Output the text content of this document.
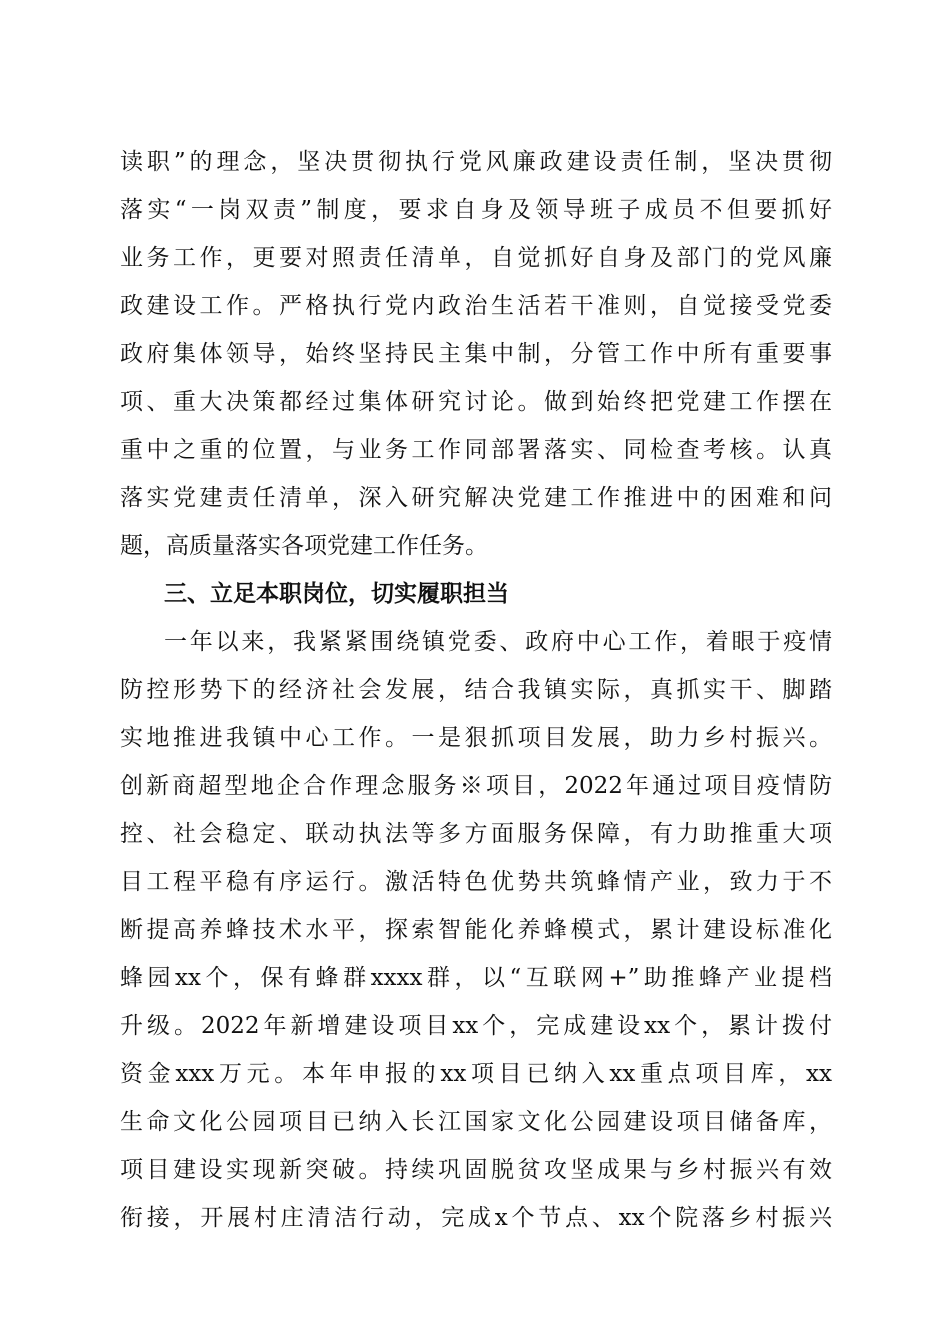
读职”的理念，坚决贯彻执行党风廉政建设责任制，坚决贯彻
落实“一岗双责”制度，要求自身及领导班子成员不但要抓好
业务工作，更要对照责任清单，自觉抓好自身及部门的党风廉
政建设工作。严格执行党内政治生活若干准则，自觉接受党委
政府集体领导，始终坚持民主集中制，分管工作中所有重要事
项、重大决策都经过集体研究讨论。做到始终把党建工作摆在
重中之重的位置，与业务工作同部署落实、同检查考核。认真
落实党建责任清单，深入研究解决党建工作推进中的困难和问
题，高质量落实各项党建工作任务。
三、立足本职岗位，切实履职担当
一年以来，我紧紧围绕镇党委、政府中心工作，着眼于疫情
防控形势下的经济社会发展，结合我镇实际，真抓实干、脚踏
实地推进我镇中心工作。一是狠抓项目发展，助力乡村振兴。
创新商超型地企合作理念服务※项目，2022年通过项目疫情防
控、社会稳定、联动执法等多方面服务保障，有力助推重大项
目工程平稳有序运行。激活特色优势共筑蜂情产业，致力于不
断提高养蜂技术水平，探索智能化养蜂模式，累计建设标准化
蜂园xx个，保有蜂群xxxx群，以“互联网+”助推蜂产业提档
升级。2022年新增建设项目xx个，完成建设xx个，累计拨付
资金xxx万元。本年申报的xx项目已纳入xx重点项目库，xx
生命文化公园项目已纳入长江国家文化公园建设项目储备库，
项目建设实现新突破。持续巩固脱贫攻坚成果与乡村振兴有效
衔接，开展村庄清洁行动，完成x个节点、xx个院落乡村振兴
